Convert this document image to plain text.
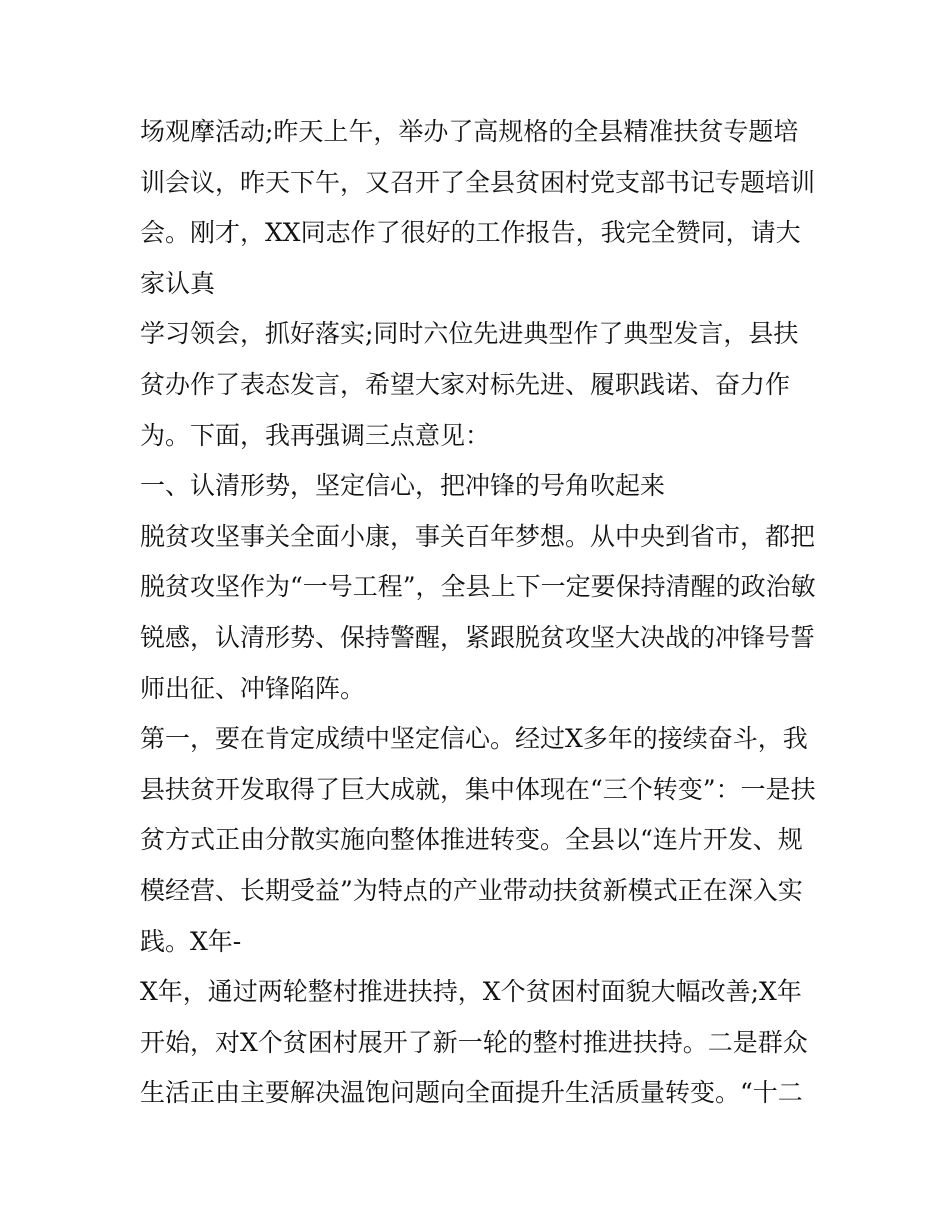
场观摩活动;昨天上午，举办了高规格的全县精准扶贫专题培
训会议，昨天下午，又召开了全县贫困村党支部书记专题培训
会。刚才，XX同志作了很好的工作报告，我完全赞同，请大
家认真
学习领会，抓好落实;同时六位先进典型作了典型发言，县扶
贫办作了表态发言，希望大家对标先进、履职践诺、奋力作
为。下面，我再强调三点意见：
一、认清形势，坚定信心，把冲锋的号角吹起来
脱贫攻坚事关全面小康，事关百年梦想。从中央到省市，都把
脱贫攻坚作为“一号工程”，全县上下一定要保持清醒的政治敏
锐感，认清形势、保持警醒，紧跟脱贫攻坚大决战的冲锋号誓
师出征、冲锋陷阵。
第一，要在肯定成绩中坚定信心。经过X多年的接续奋斗，我
县扶贫开发取得了巨大成就，集中体现在“三个转变”：一是扶
贫方式正由分散实施向整体推进转变。全县以“连片开发、规
模经营、长期受益”为特点的产业带动扶贫新模式正在深入实
践。X年-
X年，通过两轮整村推进扶持，X个贫困村面貌大幅改善;X年
开始，对X个贫困村展开了新一轮的整村推进扶持。二是群众
生活正由主要解决温饱问题向全面提升生活质量转变。“十二
